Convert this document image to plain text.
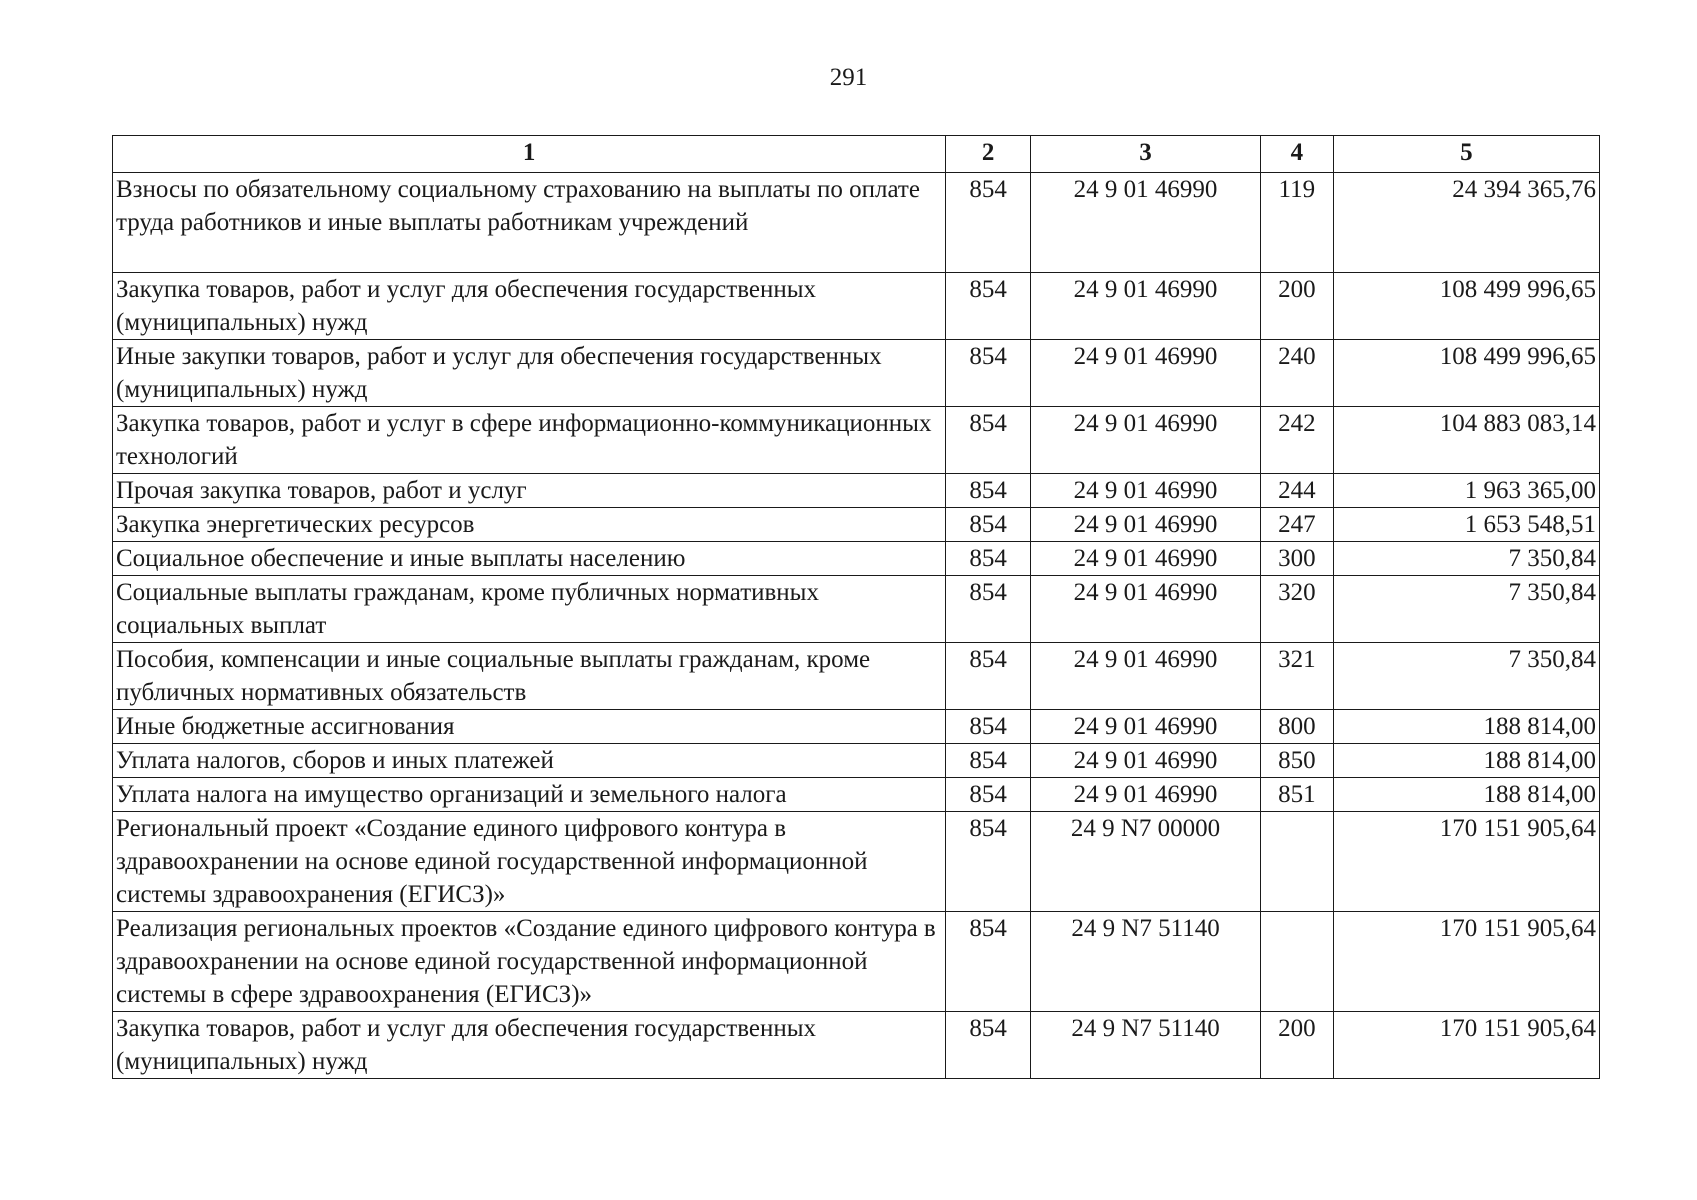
291
1	2	3	4	5
Взносы по обязательному социальному страхованию на выплаты по оплате труда работников и иные выплаты работникам учреждений	854	24 9 01 46990	119	24 394 365,76
Закупка товаров, работ и услуг для обеспечения государственных (муниципальных) нужд	854	24 9 01 46990	200	108 499 996,65
Иные закупки товаров, работ и услуг для обеспечения государственных (муниципальных) нужд	854	24 9 01 46990	240	108 499 996,65
Закупка товаров, работ и услуг в сфере информационно-коммуникационных технологий	854	24 9 01 46990	242	104 883 083,14
Прочая закупка товаров, работ и услуг	854	24 9 01 46990	244	1 963 365,00
Закупка энергетических ресурсов	854	24 9 01 46990	247	1 653 548,51
Социальное обеспечение и иные выплаты населению	854	24 9 01 46990	300	7 350,84
Социальные выплаты гражданам, кроме публичных нормативных социальных выплат	854	24 9 01 46990	320	7 350,84
Пособия, компенсации и иные социальные выплаты гражданам, кроме публичных нормативных обязательств	854	24 9 01 46990	321	7 350,84
Иные бюджетные ассигнования	854	24 9 01 46990	800	188 814,00
Уплата налогов, сборов и иных платежей	854	24 9 01 46990	850	188 814,00
Уплата налога на имущество организаций и земельного налога	854	24 9 01 46990	851	188 814,00
Региональный проект «Создание единого цифрового контура в здравоохранении на основе единой государственной информационной системы здравоохранения (ЕГИСЗ)»	854	24 9 N7 00000		170 151 905,64
Реализация региональных проектов «Создание единого цифрового контура в здравоохранении на основе единой государственной информационной системы в сфере здравоохранения (ЕГИСЗ)»	854	24 9 N7 51140		170 151 905,64
Закупка товаров, работ и услуг для обеспечения государственных (муниципальных) нужд	854	24 9 N7 51140	200	170 151 905,64
